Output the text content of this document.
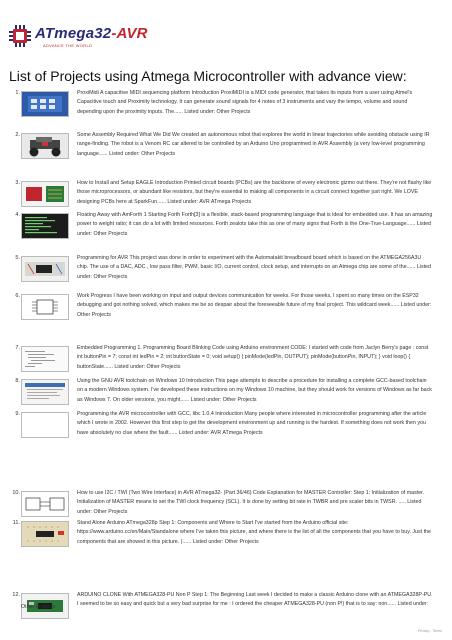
ATmega32-AVR
ADVANCE THE WORLD
List of Projects using Atmega Microcontroller with advance view:
1.	ProxiMidi A capacitive MIDI sequencing platform Introduction ProxiMIDI is a MIDI code generator, that takes its inputs from a user using Atmel's Capacitive touch and Proximity technology. It can generate sound signals for 4 notes of 3 instruments and vary the tempo, volume and sound depending upon the proximity inputs. The...... Listed under: Other Projects

2.	Some Assembly Required What We Did We created an autonomous robot that explores the world in linear trajectories while avoiding obstacle using IR range-finding. The robot is a Venom RC car altered to be controlled by an Arduino Uno programmed in AVR Assembly (a very low-level programming language...... Listed under: Other Projects

3.	How to Install and Setup EAGLE Introduction Printed circuit boards (PCBs) are the backbone of every electronic gizmo out there. They're not flashy like those microprocessors, or abundant like resistors, but they're essential to making all components in a circuit connect together just right. We LOVE designing PCBs here at SparkFun...... Listed under: AVR ATmega Projects

4.	Floating Away with AmForth 1 Starting Forth Forth[3] is a flexible, stack-based programming language that is ideal for embedded use. It has an amazing power to weight ratio; it can do a lot with limited resources. Forth zealots take this as one of many signs that Forth is the One-True-Language...... Listed under: Other Projects

5.	Programming for AVR This project was done in order to experiment with the Automatakit breadboard board which is based on the ATMEGA256A3U chip. The use of a DAC, ADC , low pass filter, PWM, basic I/O, current control, clock setup, and interrupts on an Atmega chip are some of the...... Listed under: Other Projects

6.	Work Progress I have been working on input and output devices communication for weeks. For those weeks, I spent so many times on the ESP32 debugging and got nothing solved, which makes me be so despair about the foreseeable future of my final project. This wildcard week...... Listed under: Other Projects

7.	Embedded Programming 1. Programming Board Blinking Code using Arduino environment CODE: I started with code from Jaclyn Berry's page : const int buttonPin = 7; const int ledPin = 2; int buttonState = 0; void setup() { pinMode(ledPin, OUTPUT); pinMode(buttonPin, INPUT); } void loop() { buttonState...... Listed under: Other Projects

8.	Using the GNU AVR toolchain on Windows 10 Introduction This page attempts to describe a procedure for installing a complete GCC-based toolchain on a modern Windows system. I've developed these instructions on my Windows 10 machine, but they should work for versions of Windows as far back as Windows 7. On older versions, you might...... Listed under: Other Projects

9.	Programming the AVR microcontroller with GCC, libc 1.0.4 Introduction Many people where interested in microcontroller programming after the article which I wrote in 2002. However this first step to get the development environment up and running is the hardest. If something does not work then you have absolutely no clue where the fault...... Listed under: AVR ATmega Projects

10.	How to use I2C / TWI (Two Wire Interface) in AVR ATmega32- (Part 36/46) Code Explanation for MASTER Controller: Step 1: Initialization of master. Initialization of MASTER means to set the TWI clock frequency (SCL). It is done by setting bit rate in TWBR and pre scaler bits in TWSR. ..... Listed under: Other Projects

11.	Stand Alone Arduino ATmega328p Step 1: Components and Where to Start I've started from the Arduino official site: https://www.arduino.cc/en/Main/Standalone where I've taken this picture, and where there is the list of all the components that you have to buy. Just the components that are showed in this picture. (...... Listed under: Other Projects

12.	ARDUINO CLONE With ATMEGA328-PU Non P Step 1: The Beginning Last week I decided to make a classic Arduino clone with an ATMEGA328P-PU. I seemed to be so easy and quick but a very bad surprise for me : I ordered the cheaper ATMEGA328-PU (non P!) that is to say: non...... Listed under:

Other Projects
Privacy - Terms
